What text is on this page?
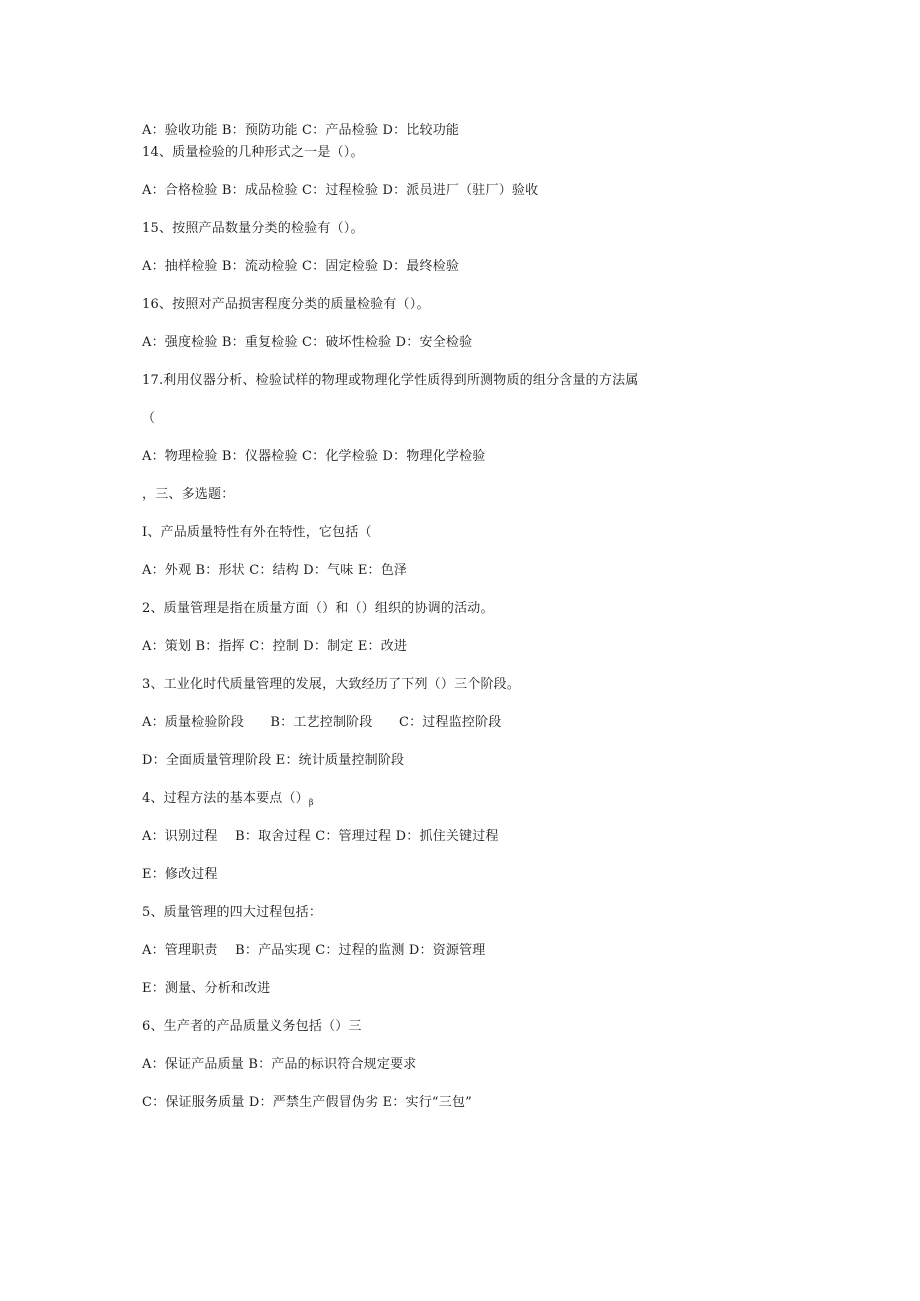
A：验收功能 B：预防功能 C：产品检验 D：比较功能
14、质量检验的几种形式之一是（）。
A：合格检验 B：成品检验 C：过程检验 D：派员进厂（驻厂）验收
15、按照产品数量分类的检验有（）。
A：抽样检验 B：流动检验 C：固定检验 D：最终检验
16、按照对产品损害程度分类的质量检验有（）。
A：强度检验 B：重复检验 C：破坏性检验 D：安全检验
17.利用仪器分析、检验试样的物理或物理化学性质得到所测物质的组分含量的方法属
（
A：物理检验 B：仪器检验 C：化学检验 D：物理化学检验
，三、多选题：
I、产品质量特性有外在特性，它包括（
A：外观 B：形状 C：结构 D：气味 E：色泽
2、质量管理是指在质量方面（）和（）组织的协调的活动。
A：策划 B：指挥 C：控制 D：制定 E：改进
3、工业化时代质量管理的发展，大致经历了下列（）三个阶段。
A：质量检验阶段　　B：工艺控制阶段　　C：过程监控阶段
D：全面质量管理阶段 E：统计质量控制阶段
4、过程方法的基本要点$()_\beta$
A：识别过程　 B：取舍过程 C：管理过程 D：抓住关键过程
E：修改过程
5、质量管理的四大过程包括：
A：管理职责　 B：产品实现 C：过程的监测 D：资源管理
E：测量、分析和改进
6、生产者的产品质量义务包括（）三
A：保证产品质量 B：产品的标识符合规定要求
C：保证服务质量 D：严禁生产假冒伪劣 E：实行“三包”
